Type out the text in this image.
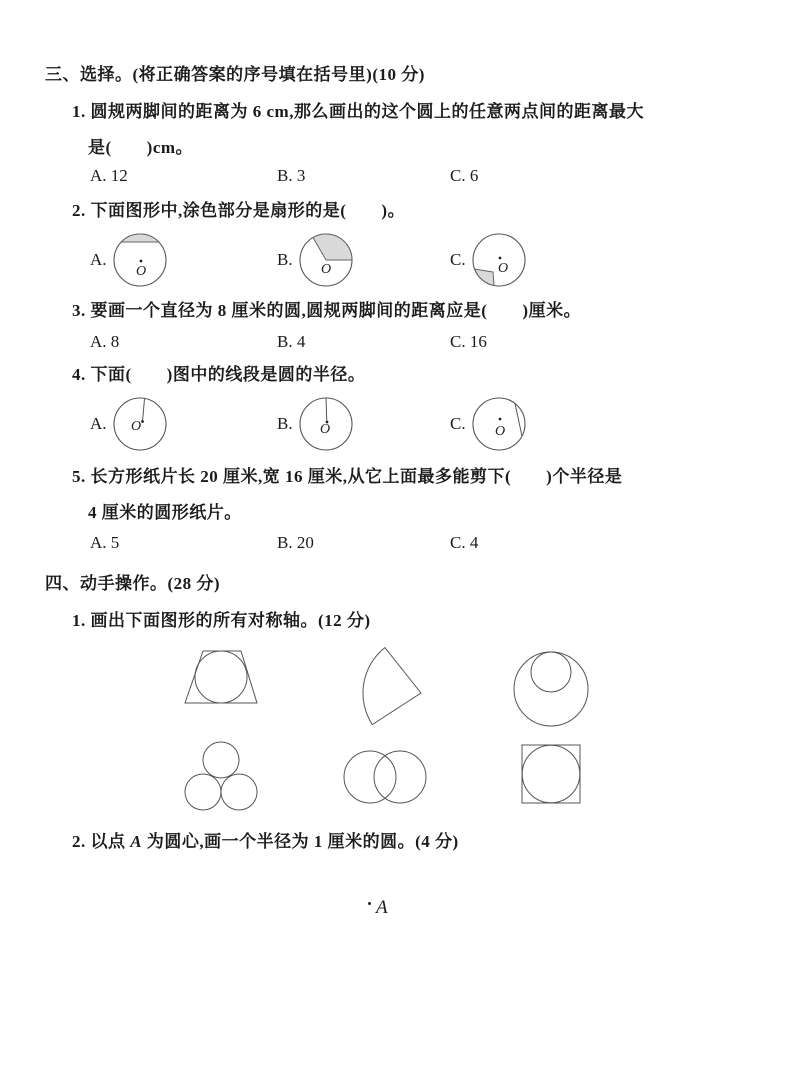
三、选择。(将正确答案的序号填在括号里)(10 分)
1. 圆规两脚间的距离为 6 cm,那么画出的这个圆上的任意两点间的距离最大
是(　　)cm。
A. 12	B. 3	C. 6
2. 下面图形中,涂色部分是扇形的是(　　)。
A.
O
B.
O
C. O
3. 要画一个直径为 8 厘米的圆,圆规两脚间的距离应是(　　)厘米。
A. 8	B. 4	C. 16
4. 下面(　　)图中的线段是圆的半径。
A. O	B. O	C. O
5. 长方形纸片长 20 厘米,宽 16 厘米,从它上面最多能剪下(　　)个半径是
4 厘米的圆形纸片。
A. 5	B. 20	C. 4
四、动手操作。(28 分)
1. 画出下面图形的所有对称轴。(12 分)
2. 以点 A 为圆心,画一个半径为 1 厘米的圆。(4 分)
A
